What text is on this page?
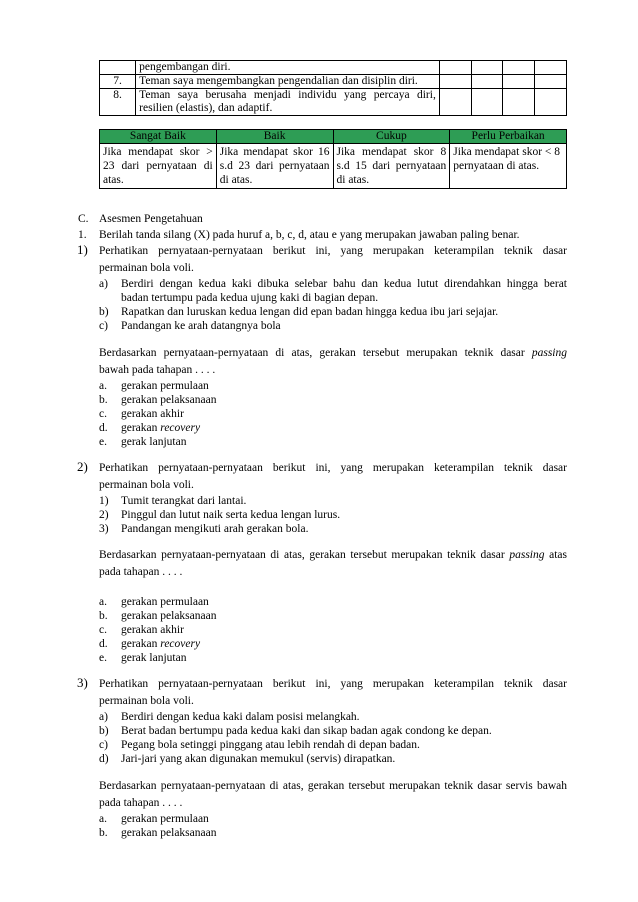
	pengembangan diri.				
7.	Teman saya mengembangkan pengendalian dan disiplin diri.				
8.	Teman saya berusaha menjadi individu yang percaya diri, resilien (elastis), dan adaptif.				
Sangat Baik	Baik	Cukup	Perlu Perbaikan
Jika mendapat skor > 23 dari pernyataan di atas.	Jika mendapat skor 16 s.d 23 dari pernyataan di atas.	Jika mendapat skor 8 s.d 15 dari pernyataan di atas.	Jika mendapat skor < 8 pernyataan di atas.
C. Asesmen Pengetahuan
1. Berilah tanda silang (X) pada huruf a, b, c, d, atau e yang merupakan jawaban paling benar.
1) Perhatikan pernyataan-pernyataan berikut ini, yang merupakan keterampilan teknik dasar
permainan bola voli.
a) Berdiri dengan kedua kaki dibuka selebar bahu dan kedua lutut direndahkan hingga berat
badan tertumpu pada kedua ujung kaki di bagian depan.
b) Rapatkan dan luruskan kedua lengan did epan badan hingga kedua ibu jari sejajar.
c) Pandangan ke arah datangnya bola
Berdasarkan pernyataan-pernyataan di atas, gerakan tersebut merupakan teknik dasar passing
bawah pada tahapan . . . .
a. gerakan permulaan
b. gerakan pelaksanaan
c. gerakan akhir
d. gerakan recovery
e. gerak lanjutan
2) Perhatikan pernyataan-pernyataan berikut ini, yang merupakan keterampilan teknik dasar
permainan bola voli.
1) Tumit terangkat dari lantai.
2) Pinggul dan lutut naik serta kedua lengan lurus.
3) Pandangan mengikuti arah gerakan bola.
Berdasarkan pernyataan-pernyataan di atas, gerakan tersebut merupakan teknik dasar passing atas
pada tahapan . . . .
a. gerakan permulaan
b. gerakan pelaksanaan
c. gerakan akhir
d. gerakan recovery
e. gerak lanjutan
3) Perhatikan pernyataan-pernyataan berikut ini, yang merupakan keterampilan teknik dasar
permainan bola voli.
a) Berdiri dengan kedua kaki dalam posisi melangkah.
b) Berat badan bertumpu pada kedua kaki dan sikap badan agak condong ke depan.
c) Pegang bola setinggi pinggang atau lebih rendah di depan badan.
d) Jari-jari yang akan digunakan memukul (servis) dirapatkan.
Berdasarkan pernyataan-pernyataan di atas, gerakan tersebut merupakan teknik dasar servis bawah
pada tahapan . . . .
a. gerakan permulaan
b. gerakan pelaksanaan
